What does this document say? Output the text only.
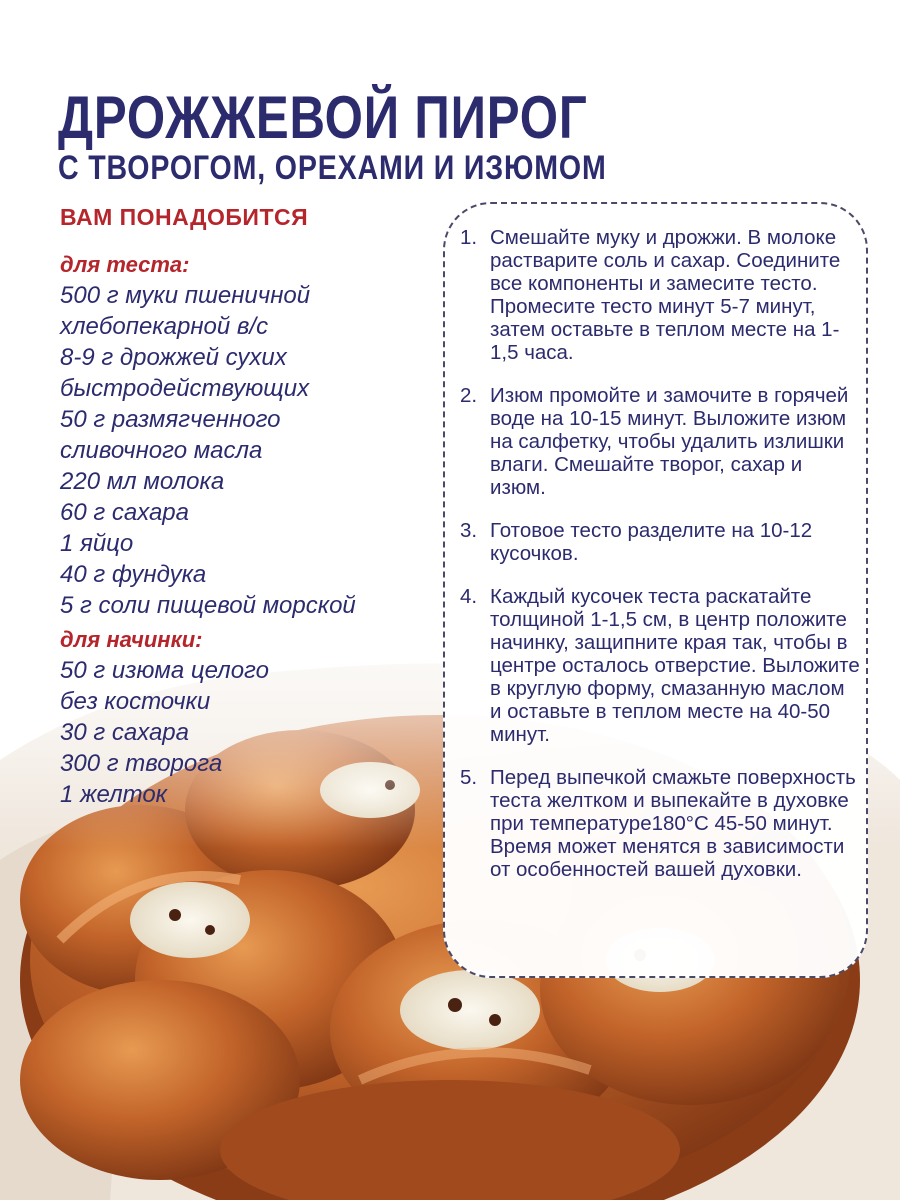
ДРОЖЖЕВОЙ ПИРОГ
С ТВОРОГОМ, ОРЕХАМИ И ИЗЮМОМ
ВАМ ПОНАДОБИТСЯ
для теста:
500 г муки пшеничной
хлебопекарной в/с
8-9 г дрожжей сухих
быстродействующих
50 г размягченного
сливочного масла
220 мл молока
60 г сахара
1 яйцо
40 г фундука
5 г соли пищевой морской
для начинки:
50 г изюма целого
без косточки
30 г сахара
300 г творога
1 желток
1. Смешайте муку и дрожжи. В молоке растварите соль и сахар. Соедините все компоненты и замесите тесто. Промесите тесто минут 5-7 минут, затем оставьте в теплом месте на 1-1,5 часа.
2. Изюм промойте и замочите в горячей воде на 10-15 минут. Выложите изюм на салфетку, чтобы удалить излишки влаги. Смешайте творог, сахар и изюм.
3. Готовое тесто разделите на 10-12 кусочков.
4. Каждый кусочек теста раскатайте толщиной 1-1,5 см, в центр положите начинку, защипните края так, чтобы в центре осталось отверстие. Выложите в круглую форму, смазанную маслом и оставьте в теплом месте на 40-50 минут.
5. Перед выпечкой смажьте поверхность теста желтком и выпекайте в духовке при температуре180°С 45-50 минут. Время может менятся в зависимости от особенностей вашей духовки.
